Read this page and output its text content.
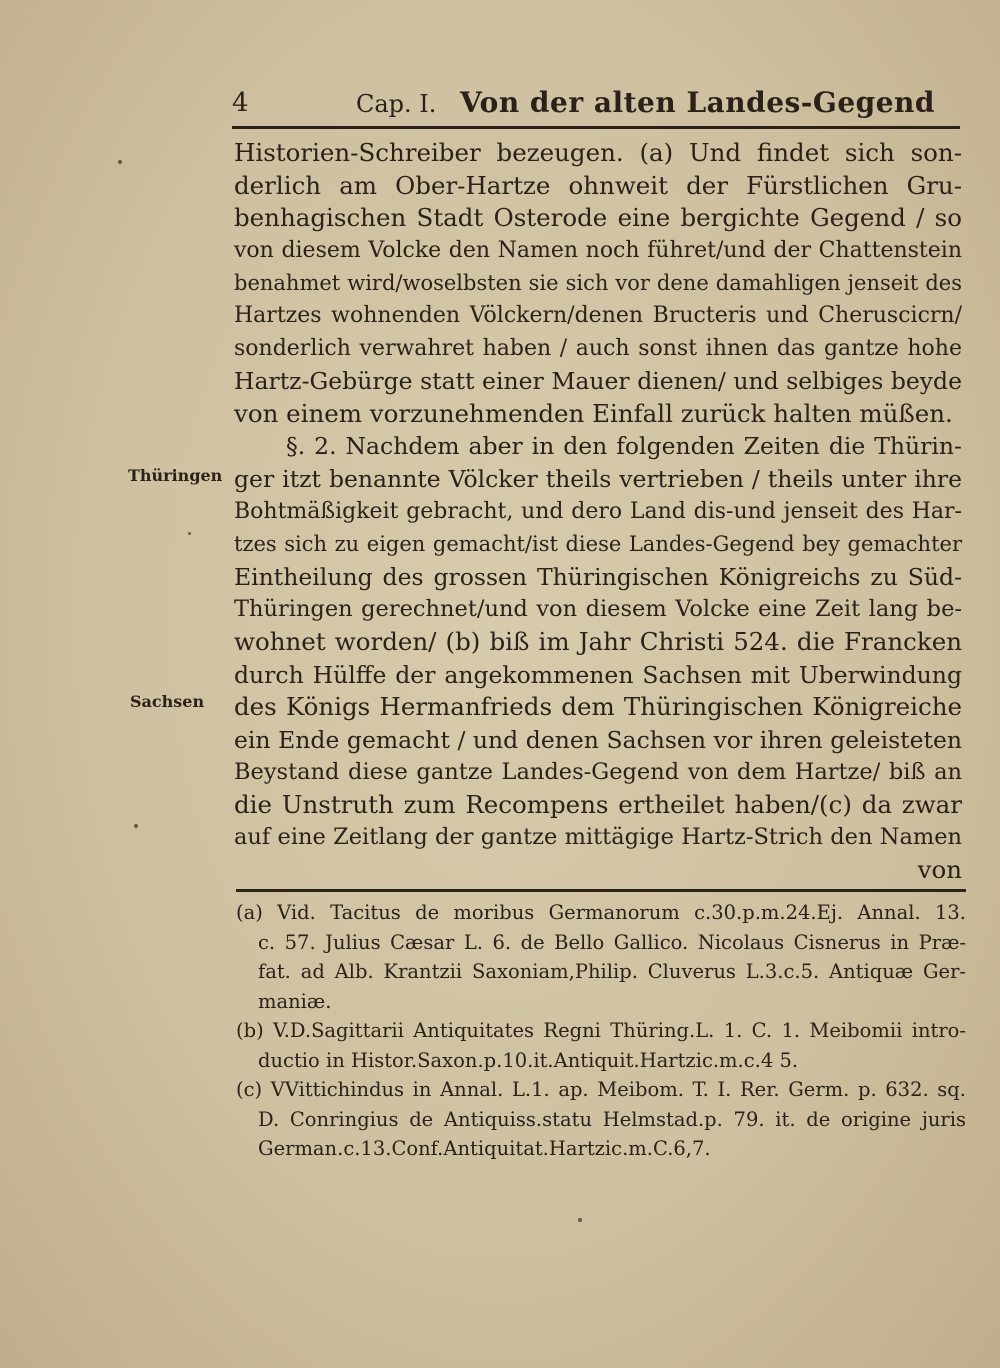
4	Cap. I. Von der alten Landes-Gegend
Thüringen
Sachsen
Historien-Schreiber bezeugen. (a) Und findet sich son-
derlich am Ober-Hartze ohnweit der Fürstlichen Gru-
benhagischen Stadt Osterode eine bergichte Gegend / so
von diesem Volcke den Namen noch führet/und der Chattenstein
benahmet wird/woselbsten sie sich vor dene damahligen jenseit des
Hartzes wohnenden Völckern/denen Bructeris und Cheruscicrn/
sonderlich verwahret haben / auch sonst ihnen das gantze hohe
Hartz-Gebürge statt einer Mauer dienen/ und selbiges beyde
von einem vorzunehmenden Einfall zurück halten müßen.
§. 2. Nachdem aber in den folgenden Zeiten die Thürin-
ger itzt benannte Völcker theils vertrieben / theils unter ihre
Bohtmäßigkeit gebracht, und dero Land dis-und jenseit des Har-
tzes sich zu eigen gemacht/ist diese Landes-Gegend bey gemachter
Eintheilung des grossen Thüringischen Königreichs zu Süd-
Thüringen gerechnet/und von diesem Volcke eine Zeit lang be-
wohnet worden/ (b) biß im Jahr Christi 524. die Francken
durch Hülffe der angekommenen Sachsen mit Uberwindung
des Königs Hermanfrieds dem Thüringischen Königreiche
ein Ende gemacht / und denen Sachsen vor ihren geleisteten
Beystand diese gantze Landes-Gegend von dem Hartze/ biß an
die Unstruth zum Recompens ertheilet haben/(c) da zwar
auf eine Zeitlang der gantze mittägige Hartz-Strich den Namen
von
(a) Vid. Tacitus de moribus Germanorum c.30.p.m.24.Ej. Annal. 13.
c. 57. Julius Cæsar L. 6. de Bello Gallico. Nicolaus Cisnerus in Præ-
fat. ad Alb. Krantzii Saxoniam,Philip. Cluverus L.3.c.5. Antiquæ Ger-
maniæ.
(b) V.D.Sagittarii Antiquitates Regni Thüring.L. 1. C. 1. Meibomii intro-
ductio in Histor.Saxon.p.10.it.Antiquit.Hartzic.m.c.4 5.
(c) VVittichindus in Annal. L.1. ap. Meibom. T. I. Rer. Germ. p. 632. sq.
D. Conringius de Antiquiss.statu Helmstad.p. 79. it. de origine juris
German.c.13.Conf.Antiquitat.Hartzic.m.C.6,7.
